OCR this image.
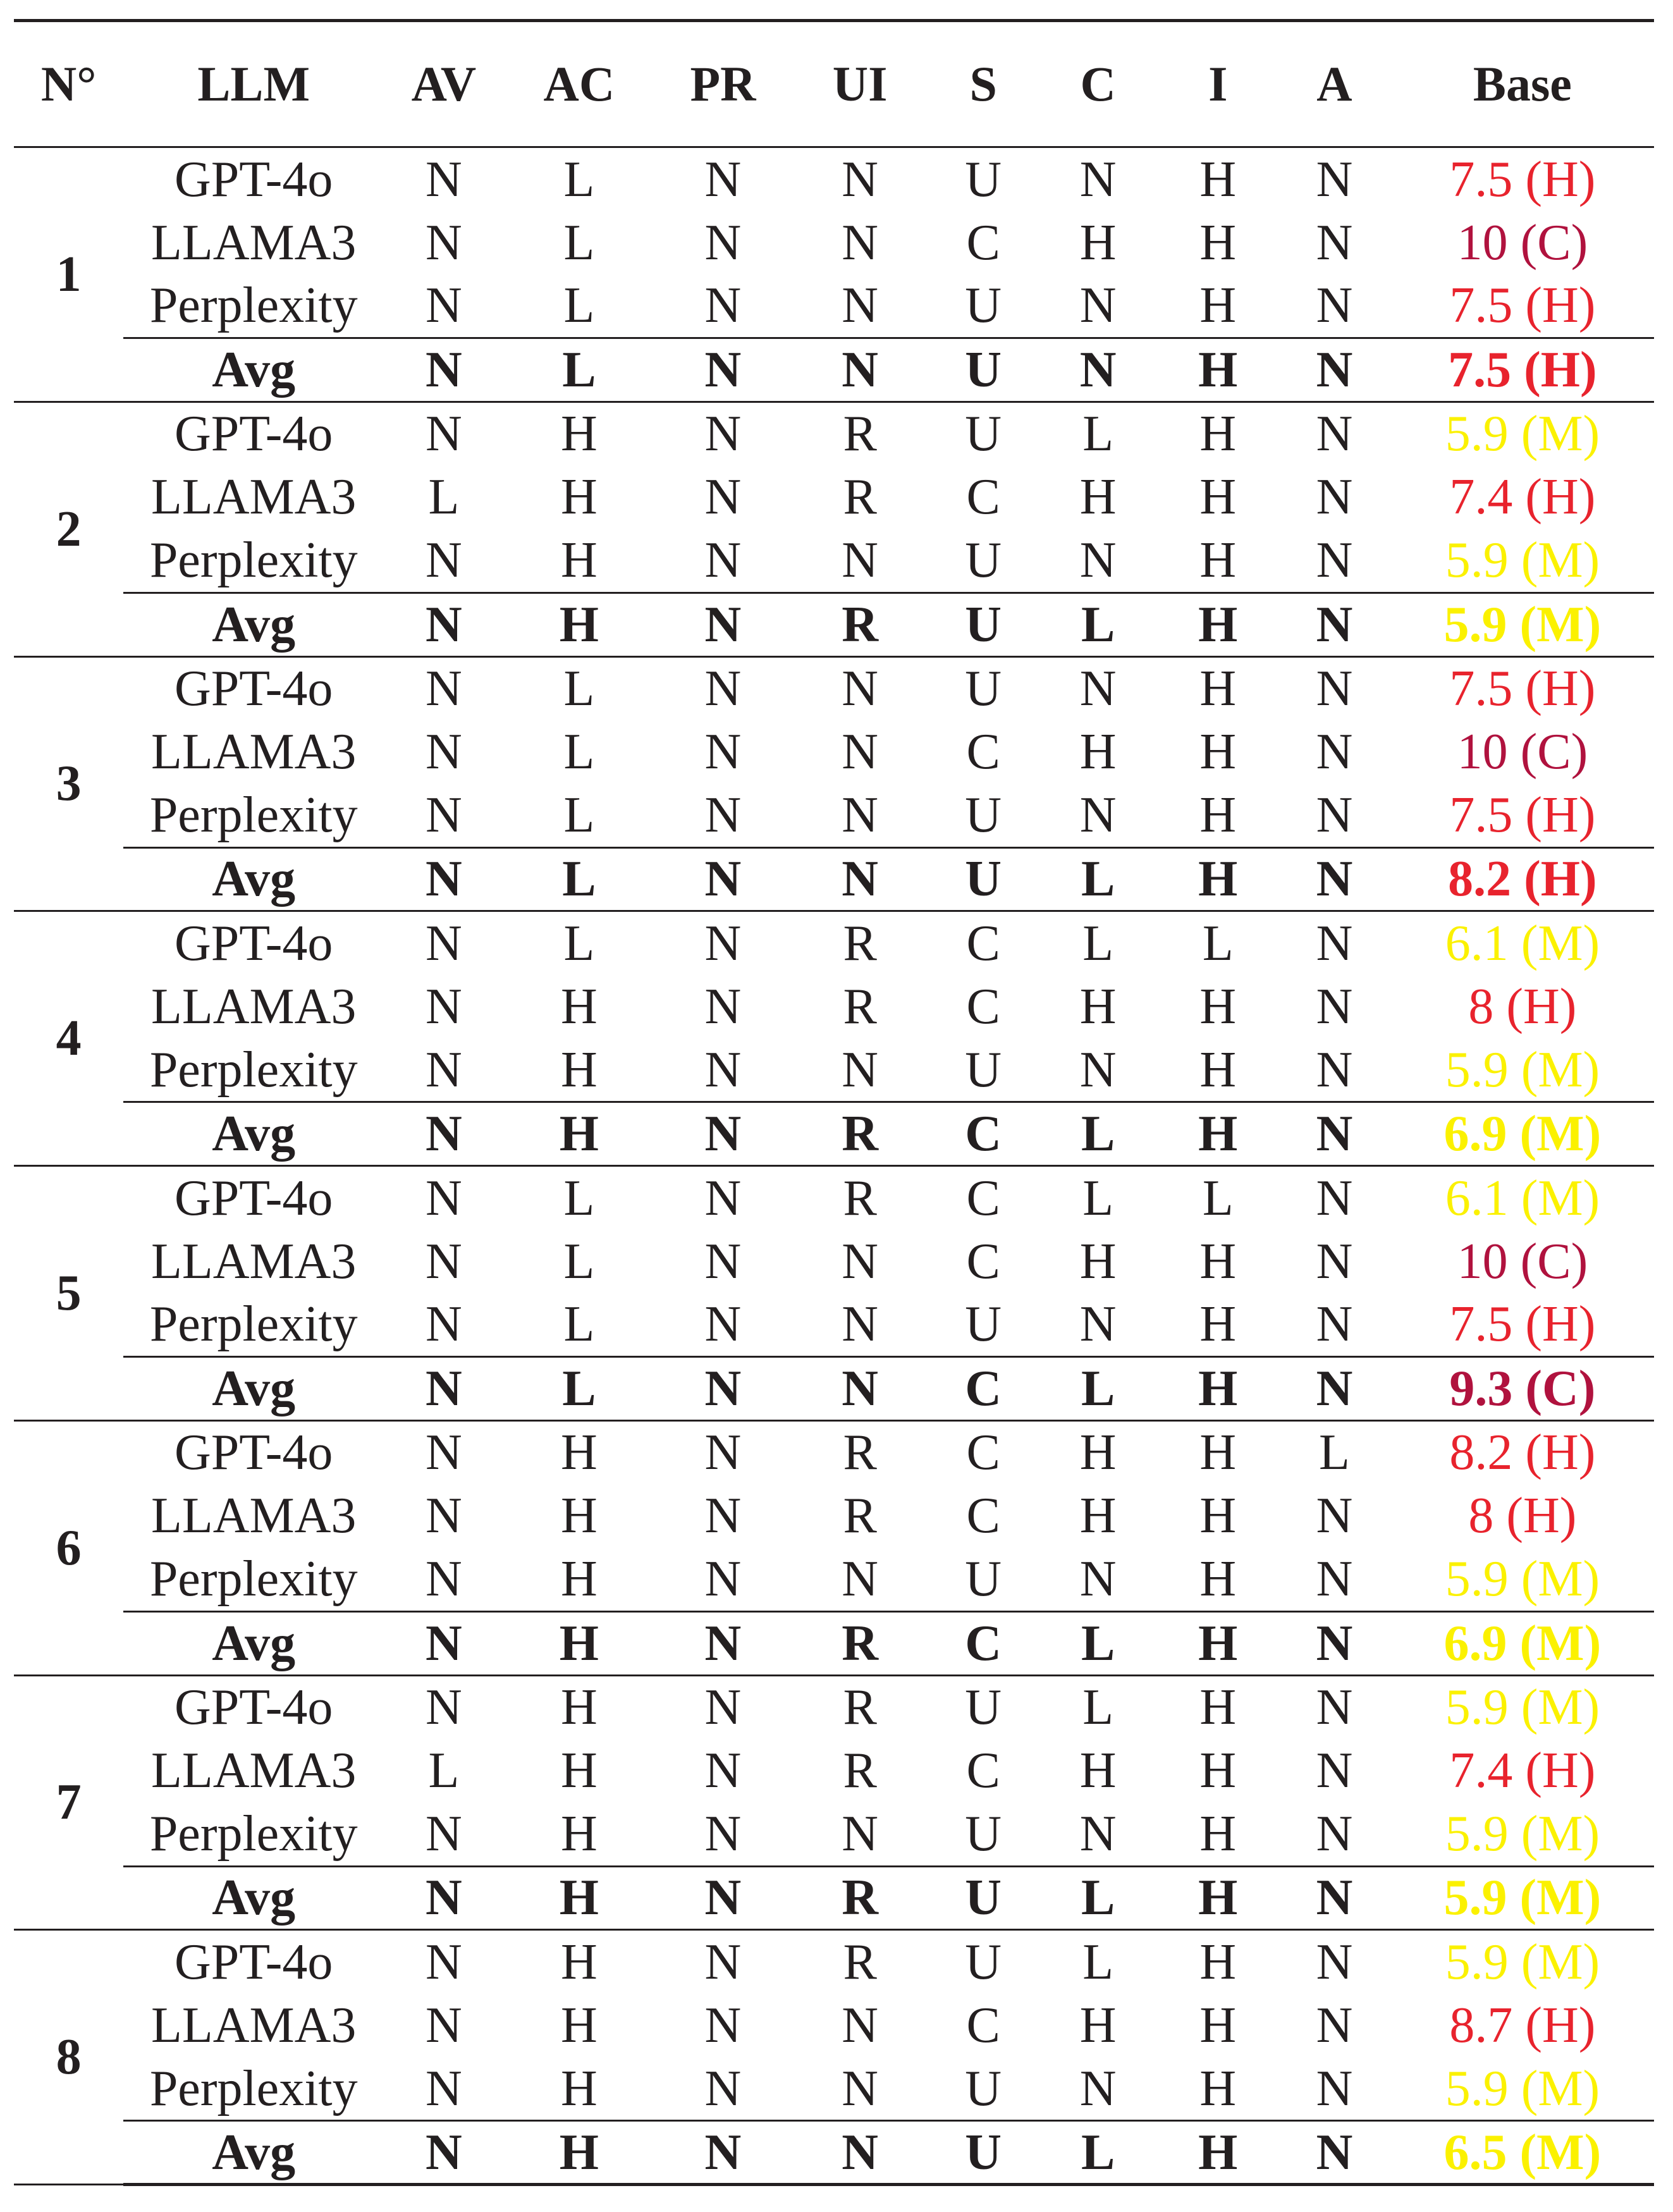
N°	LLM	AV	AC	PR	UI	S	C	I	A	Base
1	GPT-4o	N	L	N	N	U	N	H	N	7.5 (H)
	LLAMA3	N	L	N	N	C	H	H	N	10 (C)
	Perplexity	N	L	N	N	U	N	H	N	7.5 (H)
	Avg	N	L	N	N	U	N	H	N	7.5 (H)
2	GPT-4o	N	H	N	R	U	L	H	N	5.9 (M)
	LLAMA3	L	H	N	R	C	H	H	N	7.4 (H)
	Perplexity	N	H	N	N	U	N	H	N	5.9 (M)
	Avg	N	H	N	R	U	L	H	N	5.9 (M)
3	GPT-4o	N	L	N	N	U	N	H	N	7.5 (H)
	LLAMA3	N	L	N	N	C	H	H	N	10 (C)
	Perplexity	N	L	N	N	U	N	H	N	7.5 (H)
	Avg	N	L	N	N	U	L	H	N	8.2 (H)
4	GPT-4o	N	L	N	R	C	L	L	N	6.1 (M)
	LLAMA3	N	H	N	R	C	H	H	N	8 (H)
	Perplexity	N	H	N	N	U	N	H	N	5.9 (M)
	Avg	N	H	N	R	C	L	H	N	6.9 (M)
5	GPT-4o	N	L	N	R	C	L	L	N	6.1 (M)
	LLAMA3	N	L	N	N	C	H	H	N	10 (C)
	Perplexity	N	L	N	N	U	N	H	N	7.5 (H)
	Avg	N	L	N	N	C	L	H	N	9.3 (C)
6	GPT-4o	N	H	N	R	C	H	H	L	8.2 (H)
	LLAMA3	N	H	N	R	C	H	H	N	8 (H)
	Perplexity	N	H	N	N	U	N	H	N	5.9 (M)
	Avg	N	H	N	R	C	L	H	N	6.9 (M)
7	GPT-4o	N	H	N	R	U	L	H	N	5.9 (M)
	LLAMA3	L	H	N	R	C	H	H	N	7.4 (H)
	Perplexity	N	H	N	N	U	N	H	N	5.9 (M)
	Avg	N	H	N	R	U	L	H	N	5.9 (M)
8	GPT-4o	N	H	N	R	U	L	H	N	5.9 (M)
	LLAMA3	N	H	N	N	C	H	H	N	8.7 (H)
	Perplexity	N	H	N	N	U	N	H	N	5.9 (M)
	Avg	N	H	N	N	U	L	H	N	6.5 (M)
